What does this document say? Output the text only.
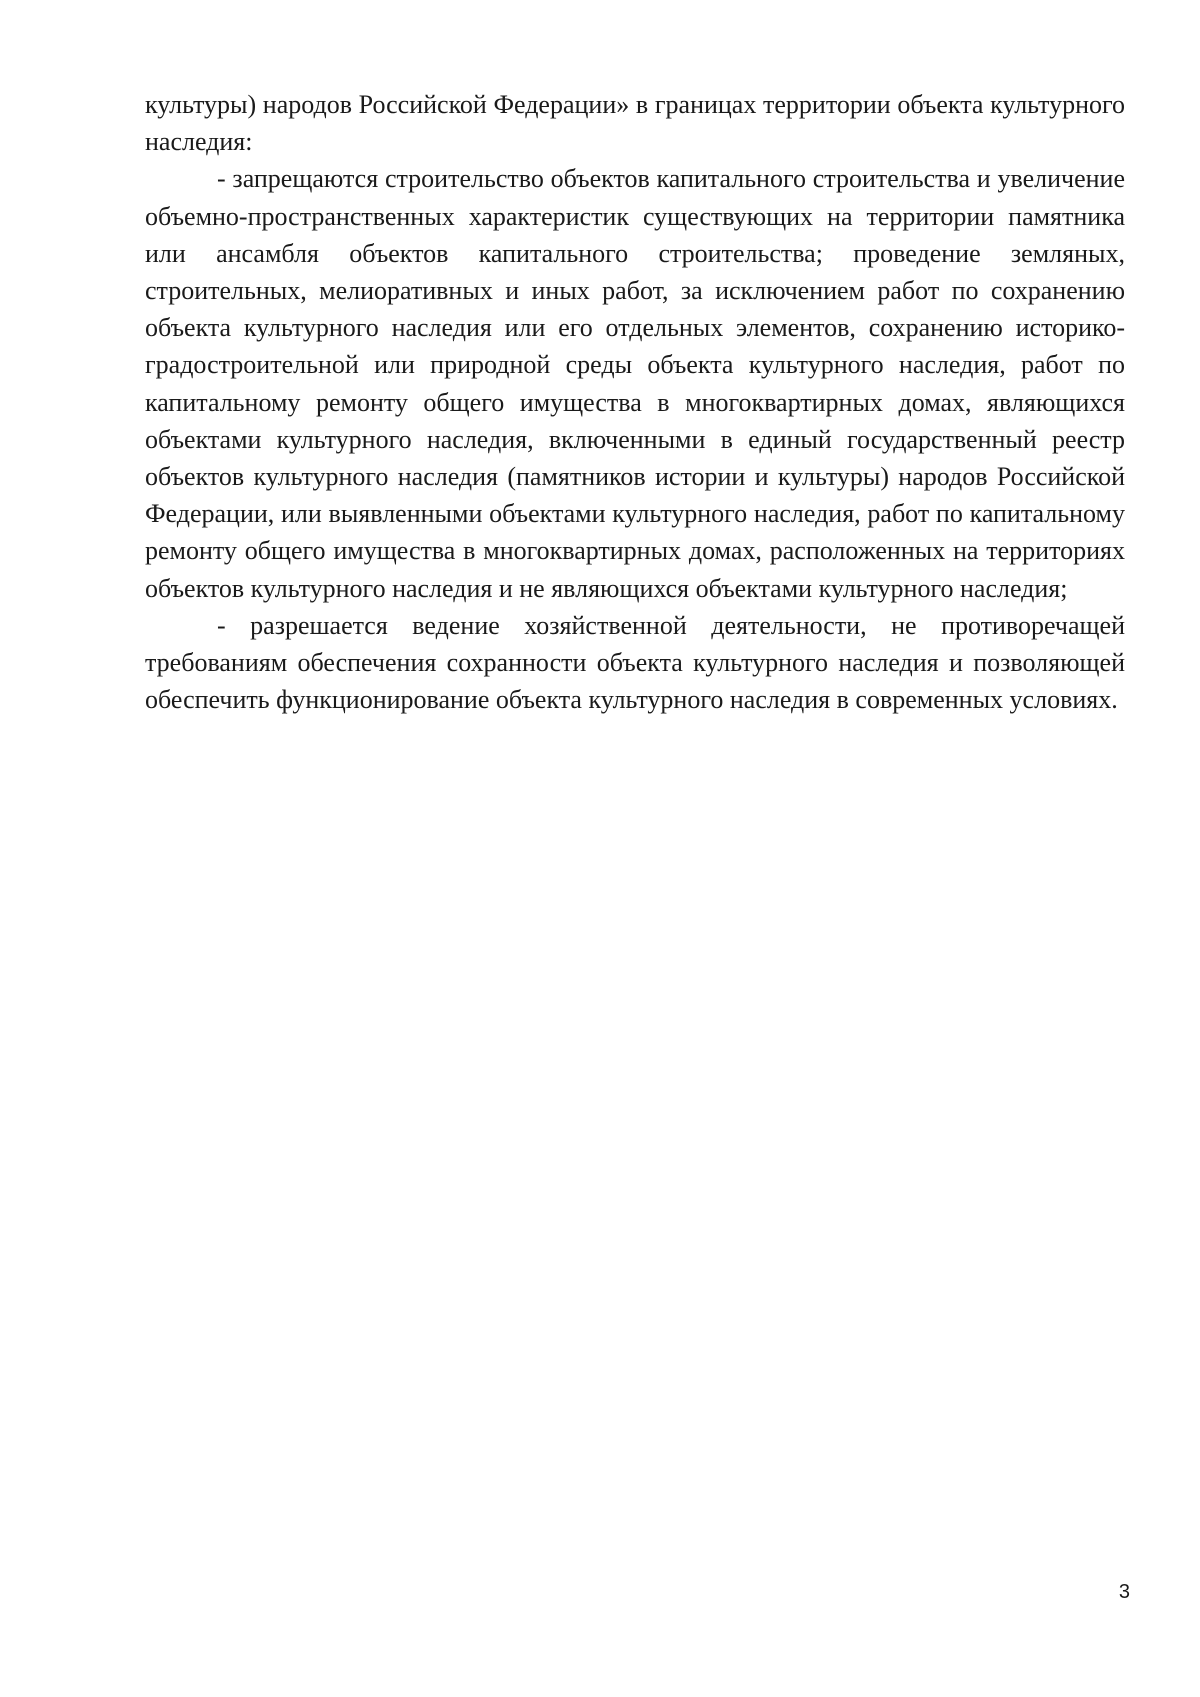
культуры) народов Российской Федерации» в границах территории объекта культурного наследия:

- запрещаются строительство объектов капитального строительства и увеличение объемно-пространственных характеристик существующих на территории памятника или ансамбля объектов капитального строительства; проведение земляных, строительных, мелиоративных и иных работ, за исключением работ по сохранению объекта культурного наследия или его отдельных элементов, сохранению историко-градостроительной или природной среды объекта культурного наследия, работ по капитальному ремонту общего имущества в многоквартирных домах, являющихся объектами культурного наследия, включенными в единый государственный реестр объектов культурного наследия (памятников истории и культуры) народов Российской Федерации, или выявленными объектами культурного наследия, работ по капитальному ремонту общего имущества в многоквартирных домах, расположенных на территориях объектов культурного наследия и не являющихся объектами культурного наследия;

- разрешается ведение хозяйственной деятельности, не противоречащей требованиям обеспечения сохранности объекта культурного наследия и позволяющей обеспечить функционирование объекта культурного наследия в современных условиях.

3
